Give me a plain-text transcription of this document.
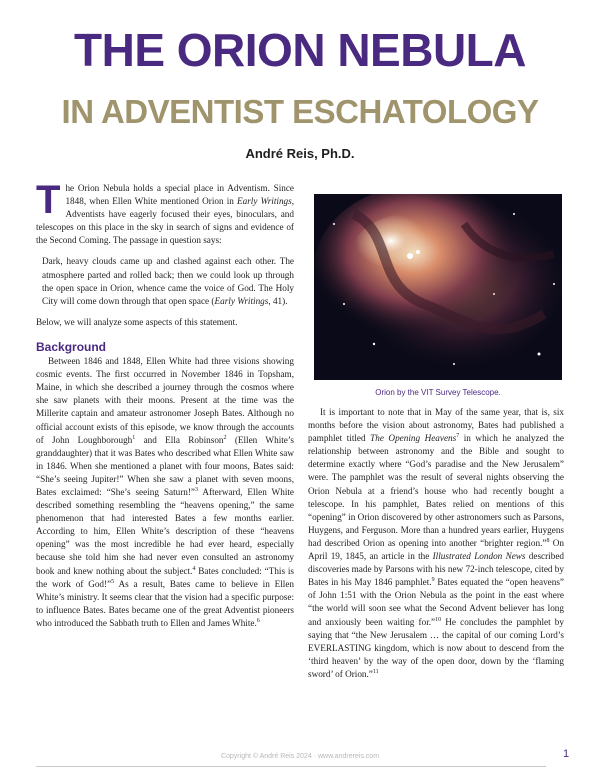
THE ORION NEBULA
IN ADVENTIST ESCHATOLOGY
André Reis, Ph.D.

The Orion Nebula holds a special place in Adventism. Since 1848, when Ellen White mentioned Orion in Early Writings, Adventists have eagerly focused their eyes, binoculars, and telescopes on this place in the sky in search of signs and evidence of the Second Coming. The passage in question says:

Dark, heavy clouds came up and clashed against each other. The atmosphere parted and rolled back; then we could look up through the open space in Orion, whence came the voice of God. The Holy City will come down through that open space (Early Writings, 41).

Below, we will analyze some aspects of this statement.

Background

Between 1846 and 1848, Ellen White had three visions showing cosmic events. The first occurred in November 1846 in Topsham, Maine, in which she described a journey through the cosmos where she saw planets with their moons. Present at the time was the Millerite captain and amateur astronomer Joseph Bates. Although no official account exists of this episode, we know through the accounts of John Loughborough$^1$ and Ella Robinson$^2$ (Ellen White’s granddaughter) that it was Bates who described what Ellen White saw in 1846. When she mentioned a planet with four moons, Bates said: “She’s seeing Jupiter!” When she saw a planet with seven moons, Bates exclaimed: “She’s seeing Saturn!”$^3$ Afterward, Ellen White described something resembling the “heavens opening,” the same phenomenon that had interested Bates a few months earlier. According to him, Ellen White’s description of these “heavens opening” was the most incredible he had ever heard, especially because she told him she had never even consulted an astronomy book and knew nothing about the subject.$^4$ Bates concluded: “This is the work of God!”$^5$ As a result, Bates came to believe in Ellen White’s ministry. It seems clear that the vision had a specific purpose: to influence Bates. Bates became one of the great Adventist pioneers who introduced the Sabbath truth to Ellen and James White.$^6$

Orion by the VIT Survey Telescope.

It is important to note that in May of the same year, that is, six months before the vision about astronomy, Bates had published a pamphlet titled The Opening Heavens$^7$ in which he analyzed the relationship between astronomy and the Bible and sought to determine exactly where “God’s paradise and the New Jerusalem” were. The pamphlet was the result of several nights observing the Orion Nebula at a friend’s house who had recently bought a telescope. In his pamphlet, Bates relied on mentions of this “opening” in Orion discovered by other astronomers such as Parsons, Huygens, and Ferguson. More than a hundred years earlier, Huygens had described Orion as opening into another “brighter region.”$^8$ On April 19, 1845, an article in the Illustrated London News described discoveries made by Parsons with his new 72-inch telescope, cited by Bates in his May 1846 pamphlet.$^9$ Bates equated the “open heavens” of John 1:51 with the Orion Nebula as the point in the east where “the world will soon see what the Second Advent believer has long and anxiously been waiting for.”$^{10}$ He concludes the pamphlet by saying that “the New Jerusalem … the capital of our coming Lord’s EVERLASTING kingdom, which is now about to descend from the ‘third heaven’ by the way of the open door, down by the ‘flaming sword’ of Orion.”$^{11}$

Copyright © André Reis 2024 · www.andrereis.com	1
